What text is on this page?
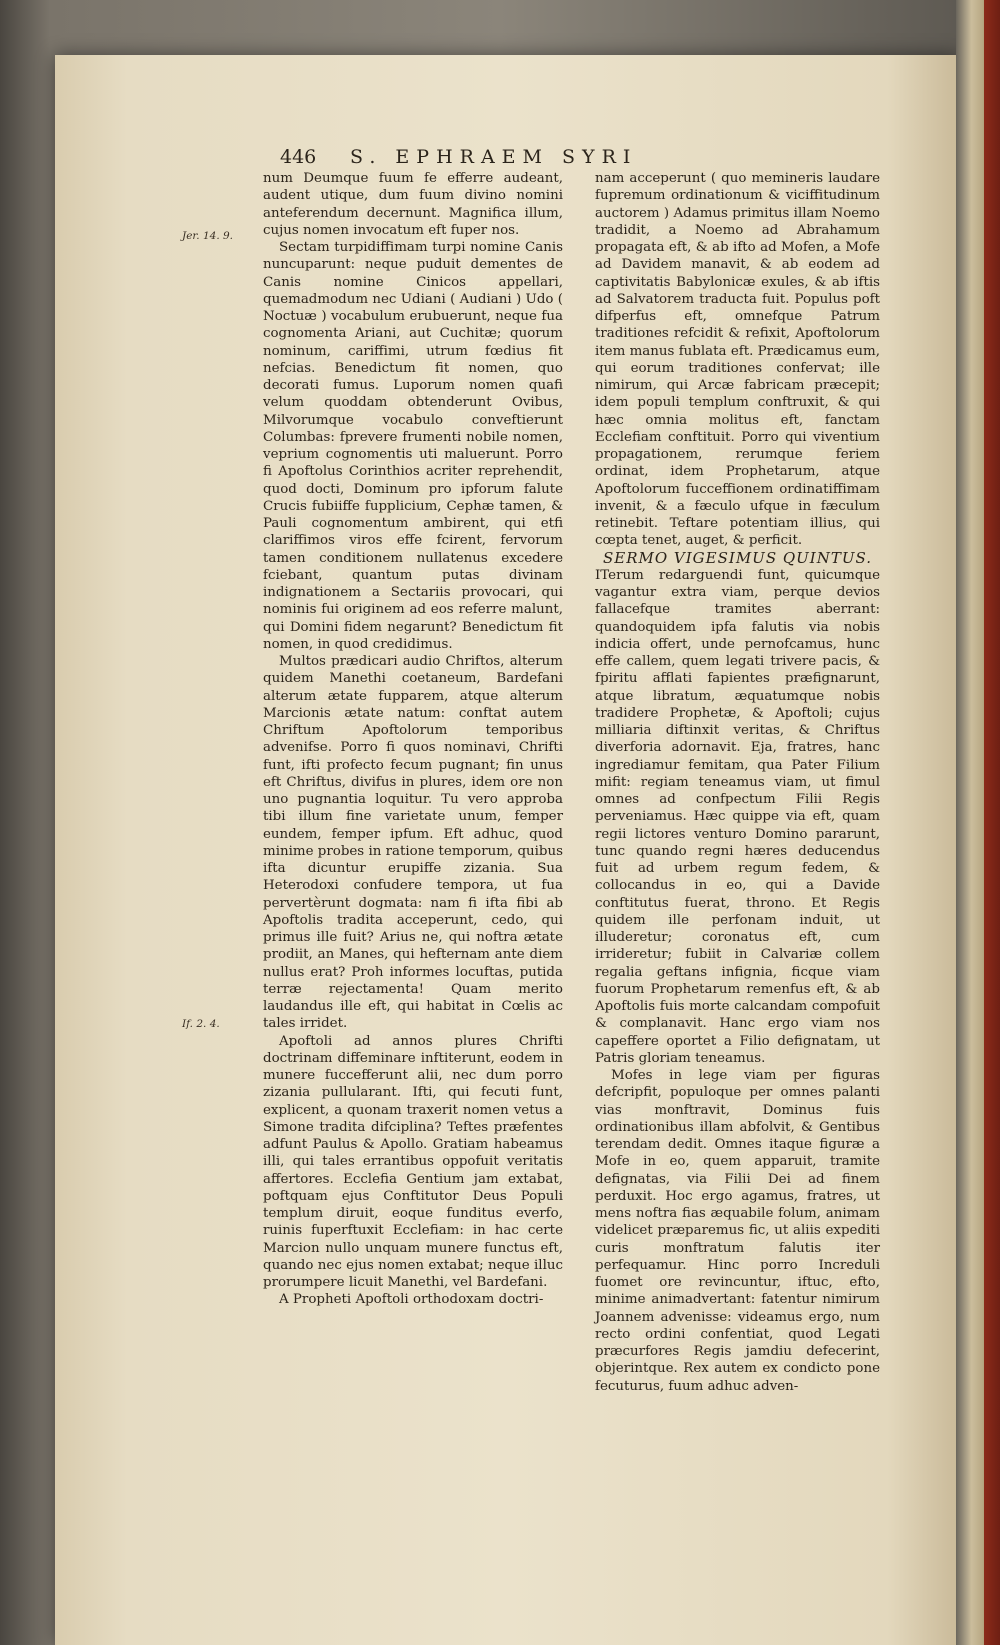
446 S. EPHRAEM SYRI
Jer. 14. 9.
If. 2. 4.

num Deumque fuum fe efferre audeant, audent utique, dum fuum divino nomini anteferendum decernunt. Magnifica illum, cujus nomen invocatum eft fuper nos.

Sectam turpidiffimam turpi nomine Canis nuncuparunt: neque puduit dementes de Canis nomine Cinicos appellari, quemadmodum nec Udiani ( Audiani ) Udo ( Noctuæ ) vocabulum erubuerunt, neque fua cognomenta Ariani, aut Cuchitæ; quorum nominum, cariffimi, utrum fœdius fit nefcias. Benedictum fit nomen, quo decorati fumus. Luporum nomen quafi velum quoddam obtenderunt Ovibus, Milvorumque vocabulo conveftierunt Columbas: fprevere frumenti nobile nomen, veprium cognomentis uti maluerunt. Porro fi Apoftolus Corinthios acriter reprehendit, quod docti, Dominum pro ipforum falute Crucis fubiiffe fupplicium, Cephæ tamen, & Pauli cognomentum ambirent, qui etfi clariffimos viros effe fcirent, fervorum tamen conditionem nullatenus excedere fciebant, quantum putas divinam indignationem a Sectariis provocari, qui nominis fui originem ad eos referre malunt, qui Domini fidem negarunt? Benedictum fit nomen, in quod credidimus.

Multos prædicari audio Chriftos, alterum quidem Manethi coetaneum, Bardefani alterum ætate fupparem, atque alterum Marcionis ætate natum: conftat autem Chriftum Apoftolorum temporibus advenifse. Porro fi quos nominavi, Chrifti funt, ifti profecto fecum pugnant; fin unus eft Chriftus, divifus in plures, idem ore non uno pugnantia loquitur. Tu vero approba tibi illum fine varietate unum, femper eundem, femper ipfum. Eft adhuc, quod minime probes in ratione temporum, quibus ifta dicuntur erupiffe zizania. Sua Heterodoxi confudere tempora, ut fua pervertèrunt dogmata: nam fi ifta fibi ab Apoftolis tradita acceperunt, cedo, qui primus ille fuit? Arius ne, qui noftra ætate prodiit, an Manes, qui hefternam ante diem nullus erat? Proh informes locuftas, putida terræ rejectamenta! Quam merito laudandus ille eft, qui habitat in Cœlis ac tales irridet.

Apoftoli ad annos plures Chrifti doctrinam diffeminare inftiterunt, eodem in munere fuccefferunt alii, nec dum porro zizania pullularant. Ifti, qui fecuti funt, explicent, a quonam traxerit nomen vetus a Simone tradita difciplina? Teftes præfentes adfunt Paulus & Apollo. Gratiam habeamus illi, qui tales errantibus oppofuit veritatis affertores. Ecclefia Gentium jam extabat, poftquam ejus Conftitutor Deus Populi templum diruit, eoque funditus everfo, ruinis fuperftuxit Ecclefiam: in hac certe Marcion nullo unquam munere functus eft, quando nec ejus nomen extabat; neque illuc prorumpere licuit Manethi, vel Bardefani.

A Propheti Apoftoli orthodoxam doctri-

nam acceperunt ( quo memineris laudare fupremum ordinationum & viciffitudinum auctorem ) Adamus primitus illam Noemo tradidit, a Noemo ad Abrahamum propagata eft, & ab ifto ad Mofen, a Mofe ad Davidem manavit, & ab eodem ad captivitatis Babylonicæ exules, & ab iftis ad Salvatorem traducta fuit. Populus poft difperfus eft, omnefque Patrum traditiones refcidit & refixit, Apoftolorum item manus fublata eft. Prædicamus eum, qui eorum traditiones confervat; ille nimirum, qui Arcæ fabricam præcepit; idem populi templum conftruxit, & qui hæc omnia molitus eft, fanctam Ecclefiam conftituit. Porro qui viventium propagationem, rerumque feriem ordinat, idem Prophetarum, atque Apoftolorum fucceffionem ordinatiffimam invenit, & a fæculo ufque in fæculum retinebit. Teftare potentiam illius, qui cœpta tenet, auget, & perficit.

SERMO VIGESIMUS QUINTUS.

ITerum redarguendi funt, quicumque vagantur extra viam, perque devios fallacefque tramites aberrant: quandoquidem ipfa falutis via nobis indicia offert, unde pernofcamus, hunc effe callem, quem legati trivere pacis, & fpiritu afflati fapientes præfignarunt, atque libratum, æquatumque nobis tradidere Prophetæ, & Apoftoli; cujus milliaria diftinxit veritas, & Chriftus diverforia adornavit. Eja, fratres, hanc ingrediamur femitam, qua Pater Filium mifit: regiam teneamus viam, ut fimul omnes ad confpectum Filii Regis perveniamus. Hæc quippe via eft, quam regii lictores venturo Domino pararunt, tunc quando regni hæres deducendus fuit ad urbem regum fedem, & collocandus in eo, qui a Davide conftitutus fuerat, throno. Et Regis quidem ille perfonam induit, ut illuderetur; coronatus eft, cum irrideretur; fubiit in Calvariæ collem regalia geftans infignia, ficque viam fuorum Prophetarum remenfus eft, & ab Apoftolis fuis morte calcandam compofuit & complanavit. Hanc ergo viam nos capeffere oportet a Filio defignatam, ut Patris gloriam teneamus.

Mofes in lege viam per figuras defcripfit, populoque per omnes palanti vias monftravit, Dominus fuis ordinationibus illam abfolvit, & Gentibus terendam dedit. Omnes itaque figuræ a Mofe in eo, quem apparuit, tramite defignatas, via Filii Dei ad finem perduxit. Hoc ergo agamus, fratres, ut mens noftra fias æquabile folum, animam videlicet præparemus fic, ut aliis expediti curis monftratum falutis iter perfequamur. Hinc porro Increduli fuomet ore revincuntur, iftuc, efto, minime animadvertant: fatentur nimirum Joannem advenisse: videamus ergo, num recto ordini confentiat, quod Legati præcurfores Regis jamdiu defecerint, objerintque. Rex autem ex condicto pone fecuturus, fuum adhuc adven-
